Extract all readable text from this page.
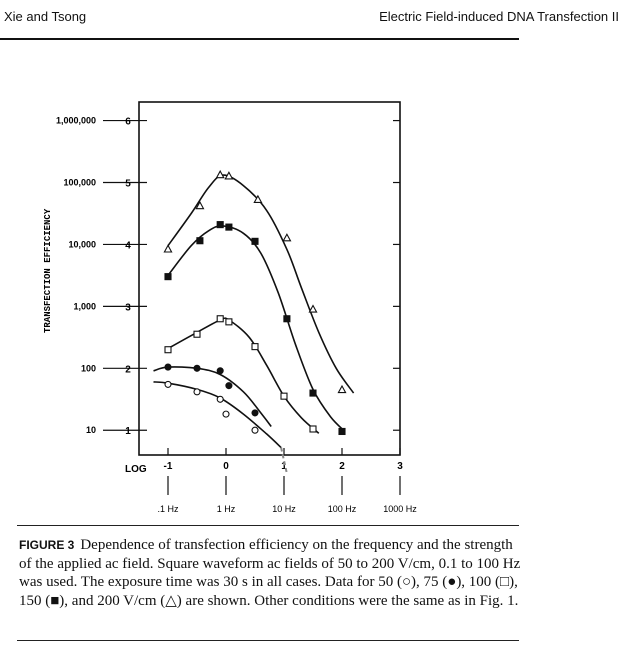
Xie and Tsong	Electric Field-induced DNA Transfection II
1
10
2
100
3
1,000
4
10,000
5
100,000
6
1,000,000
-1
.1 Hz
0
1 Hz
1
10 Hz
2
100 Hz
3
1000 Hz
TRANSFECTION EFFICIENCY
LOG
FIGURE 3 Dependence of transfection efficiency on the frequency and the strength of the applied ac field. Square waveform ac fields of 50 to 200 V/cm, 0.1 to 100 Hz was used. The exposure time was 30 s in all cases. Data for 50 (○), 75 (●), 100 (□), 150 (■), and 200 V/cm (△) are shown. Other conditions were the same as in Fig. 1.
